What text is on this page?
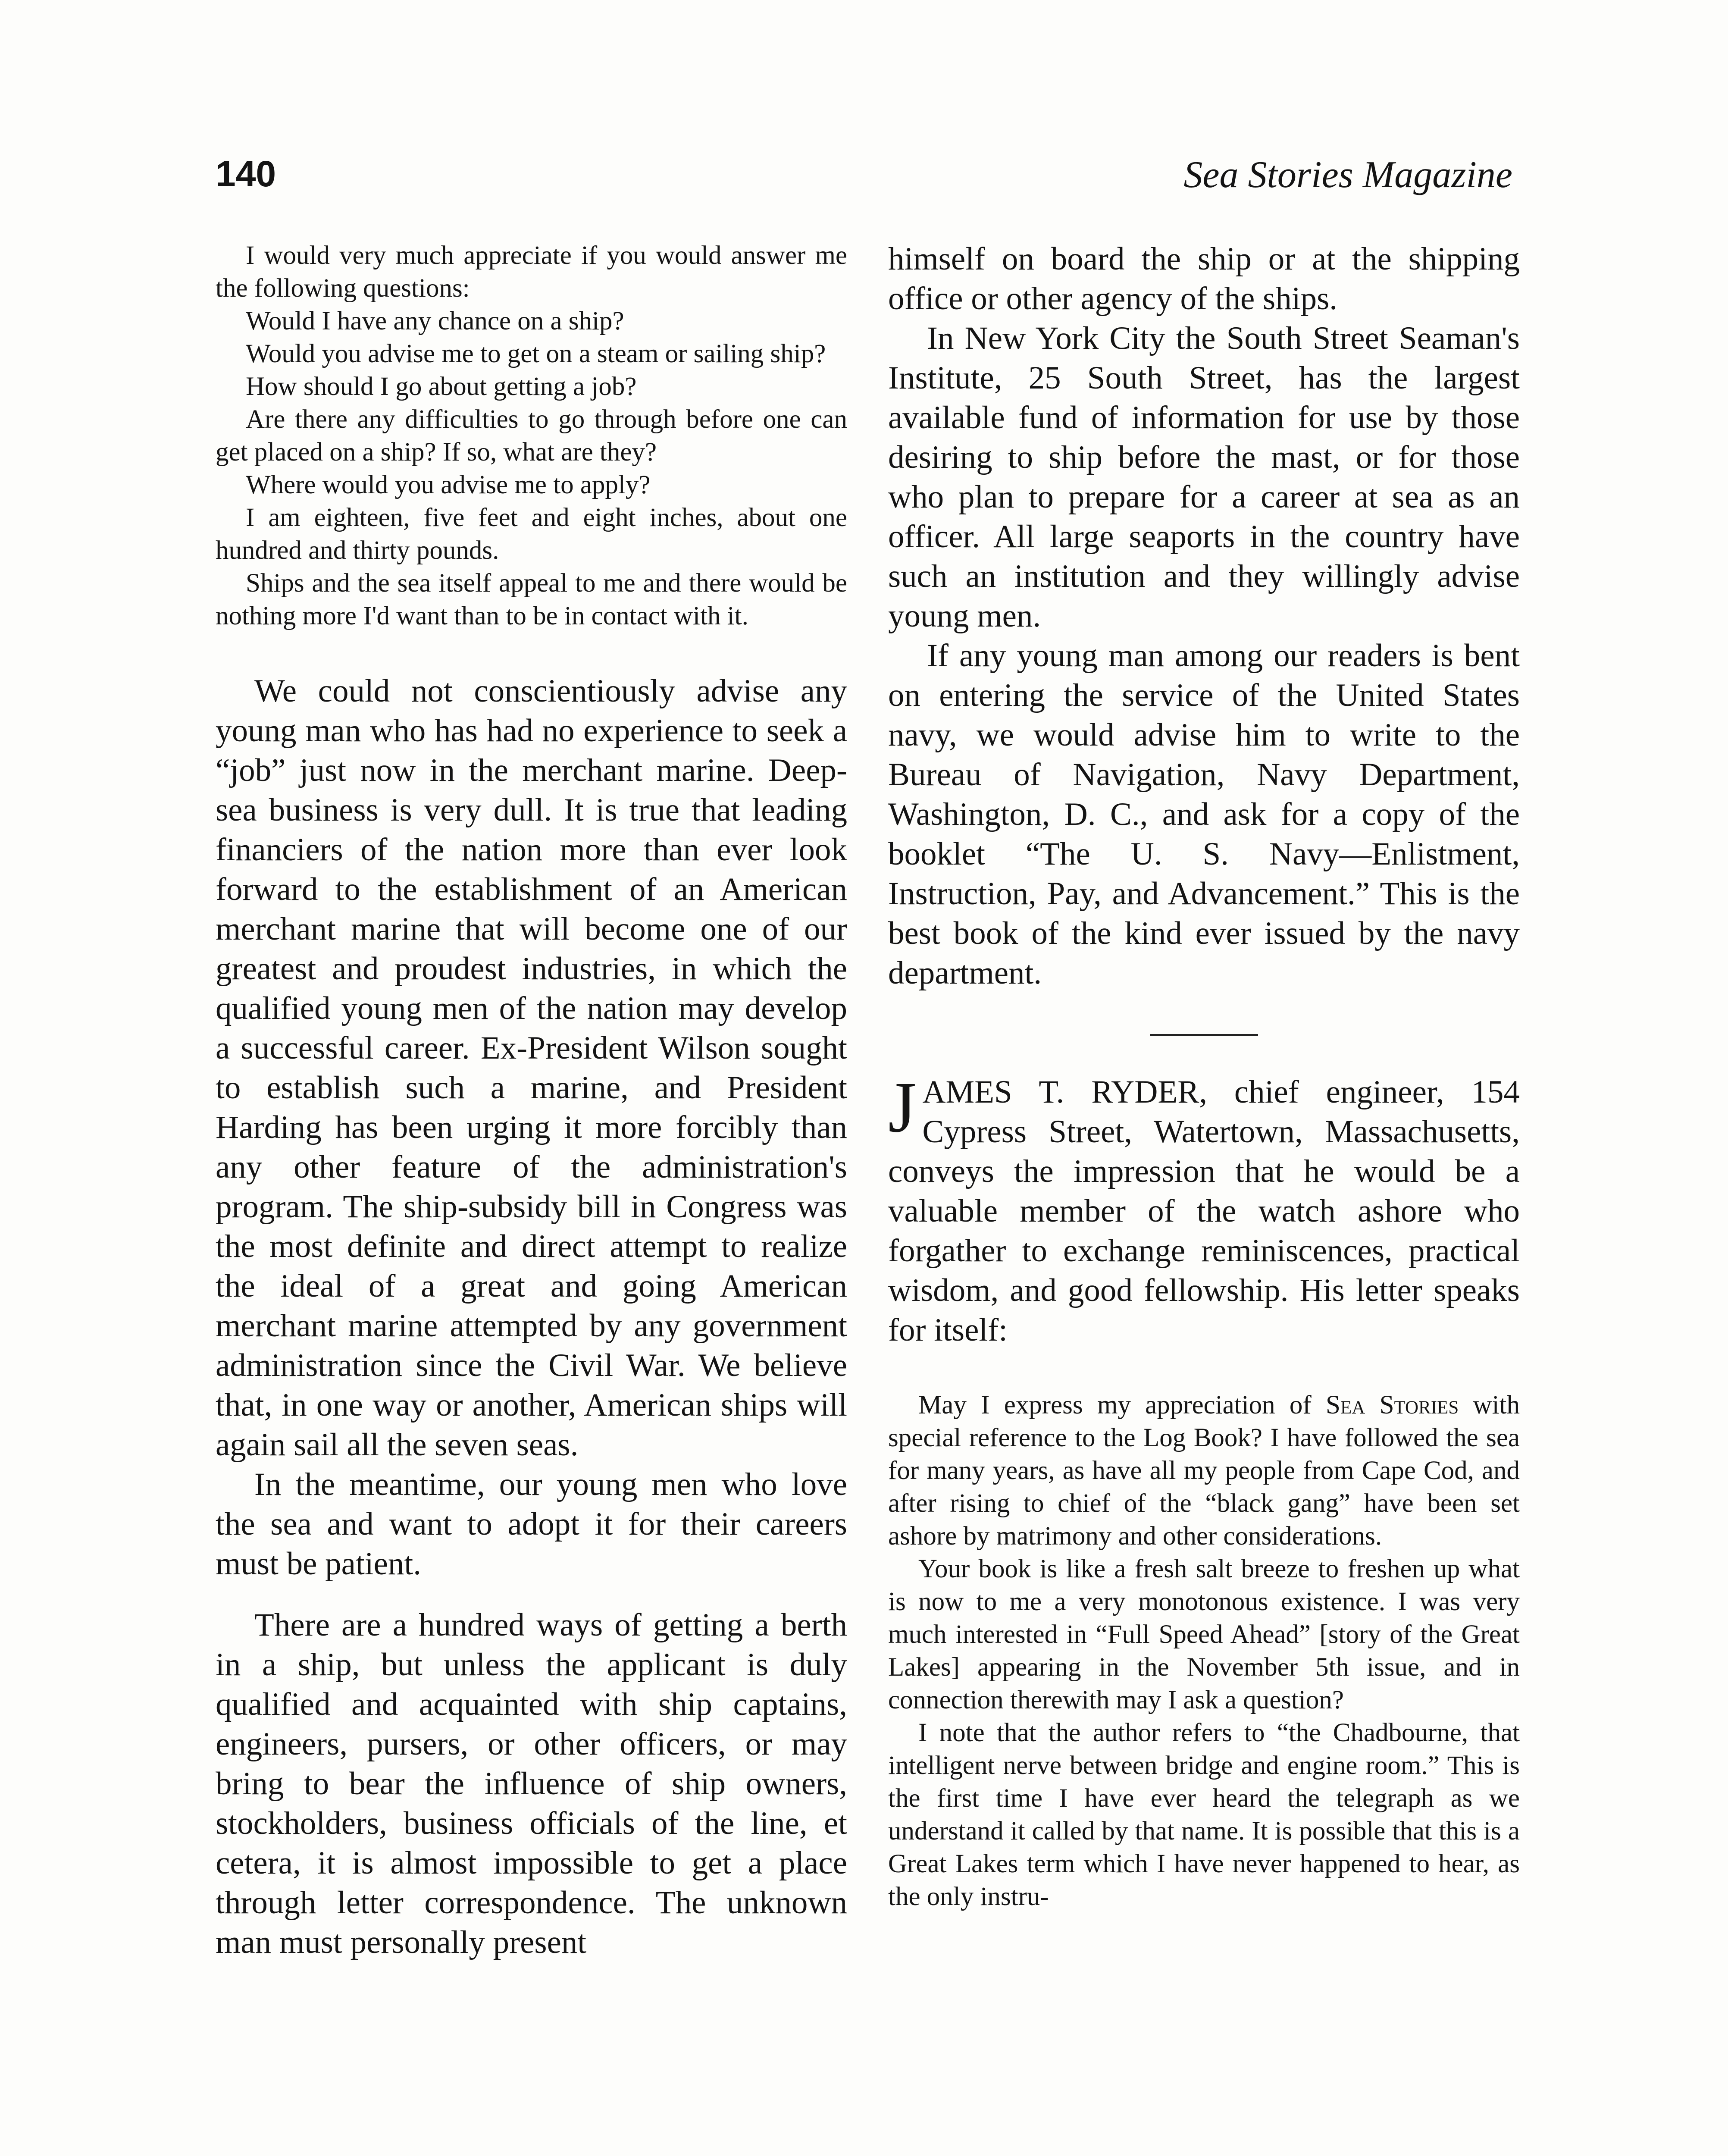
140	Sea Stories Magazine

I would very much appreciate if you would answer me the following questions:

Would I have any chance on a ship?

Would you advise me to get on a steam or sailing ship?

How should I go about getting a job?

Are there any difficulties to go through before one can get placed on a ship? If so, what are they?

Where would you advise me to apply?

I am eighteen, five feet and eight inches, about one hundred and thirty pounds.

Ships and the sea itself appeal to me and there would be nothing more I'd want than to be in contact with it.

We could not conscientiously advise any young man who has had no experience to seek a “job” just now in the merchant marine. Deep-sea business is very dull. It is true that leading financiers of the nation more than ever look forward to the establishment of an American merchant marine that will become one of our greatest and proudest industries, in which the qualified young men of the nation may develop a successful career. Ex-President Wilson sought to establish such a marine, and President Harding has been urging it more forcibly than any other feature of the administration's program. The ship-subsidy bill in Congress was the most definite and direct attempt to realize the ideal of a great and going American merchant marine attempted by any government administration since the Civil War. We believe that, in one way or another, American ships will again sail all the seven seas.

In the meantime, our young men who love the sea and want to adopt it for their careers must be patient.

There are a hundred ways of getting a berth in a ship, but unless the applicant is duly qualified and acquainted with ship captains, engineers, pursers, or other officers, or may bring to bear the influence of ship owners, stockholders, business officials of the line, et cetera, it is almost impossible to get a place through letter correspondence. The unknown man must personally present

himself on board the ship or at the shipping office or other agency of the ships.

In New York City the South Street Seaman's Institute, 25 South Street, has the largest available fund of information for use by those desiring to ship before the mast, or for those who plan to prepare for a career at sea as an officer. All large seaports in the country have such an institution and they willingly advise young men.

If any young man among our readers is bent on entering the service of the United States navy, we would advise him to write to the Bureau of Navigation, Navy Department, Washington, D. C., and ask for a copy of the booklet “The U. S. Navy—Enlistment, Instruction, Pay, and Advancement.” This is the best book of the kind ever issued by the navy department.

JAMES T. RYDER, chief engineer, 154 Cypress Street, Watertown, Massachusetts, conveys the impression that he would be a valuable member of the watch ashore who forgather to exchange reminiscences, practical wisdom, and good fellowship. His letter speaks for itself:

May I express my appreciation of Sea Stories with special reference to the Log Book? I have followed the sea for many years, as have all my people from Cape Cod, and after rising to chief of the “black gang” have been set ashore by matrimony and other considerations.

Your book is like a fresh salt breeze to freshen up what is now to me a very monotonous existence. I was very much interested in “Full Speed Ahead” [story of the Great Lakes] appearing in the November 5th issue, and in connection therewith may I ask a question?

I note that the author refers to “the Chadbourne, that intelligent nerve between bridge and engine room.” This is the first time I have ever heard the telegraph as we understand it called by that name. It is possible that this is a Great Lakes term which I have never happened to hear, as the only instru-
